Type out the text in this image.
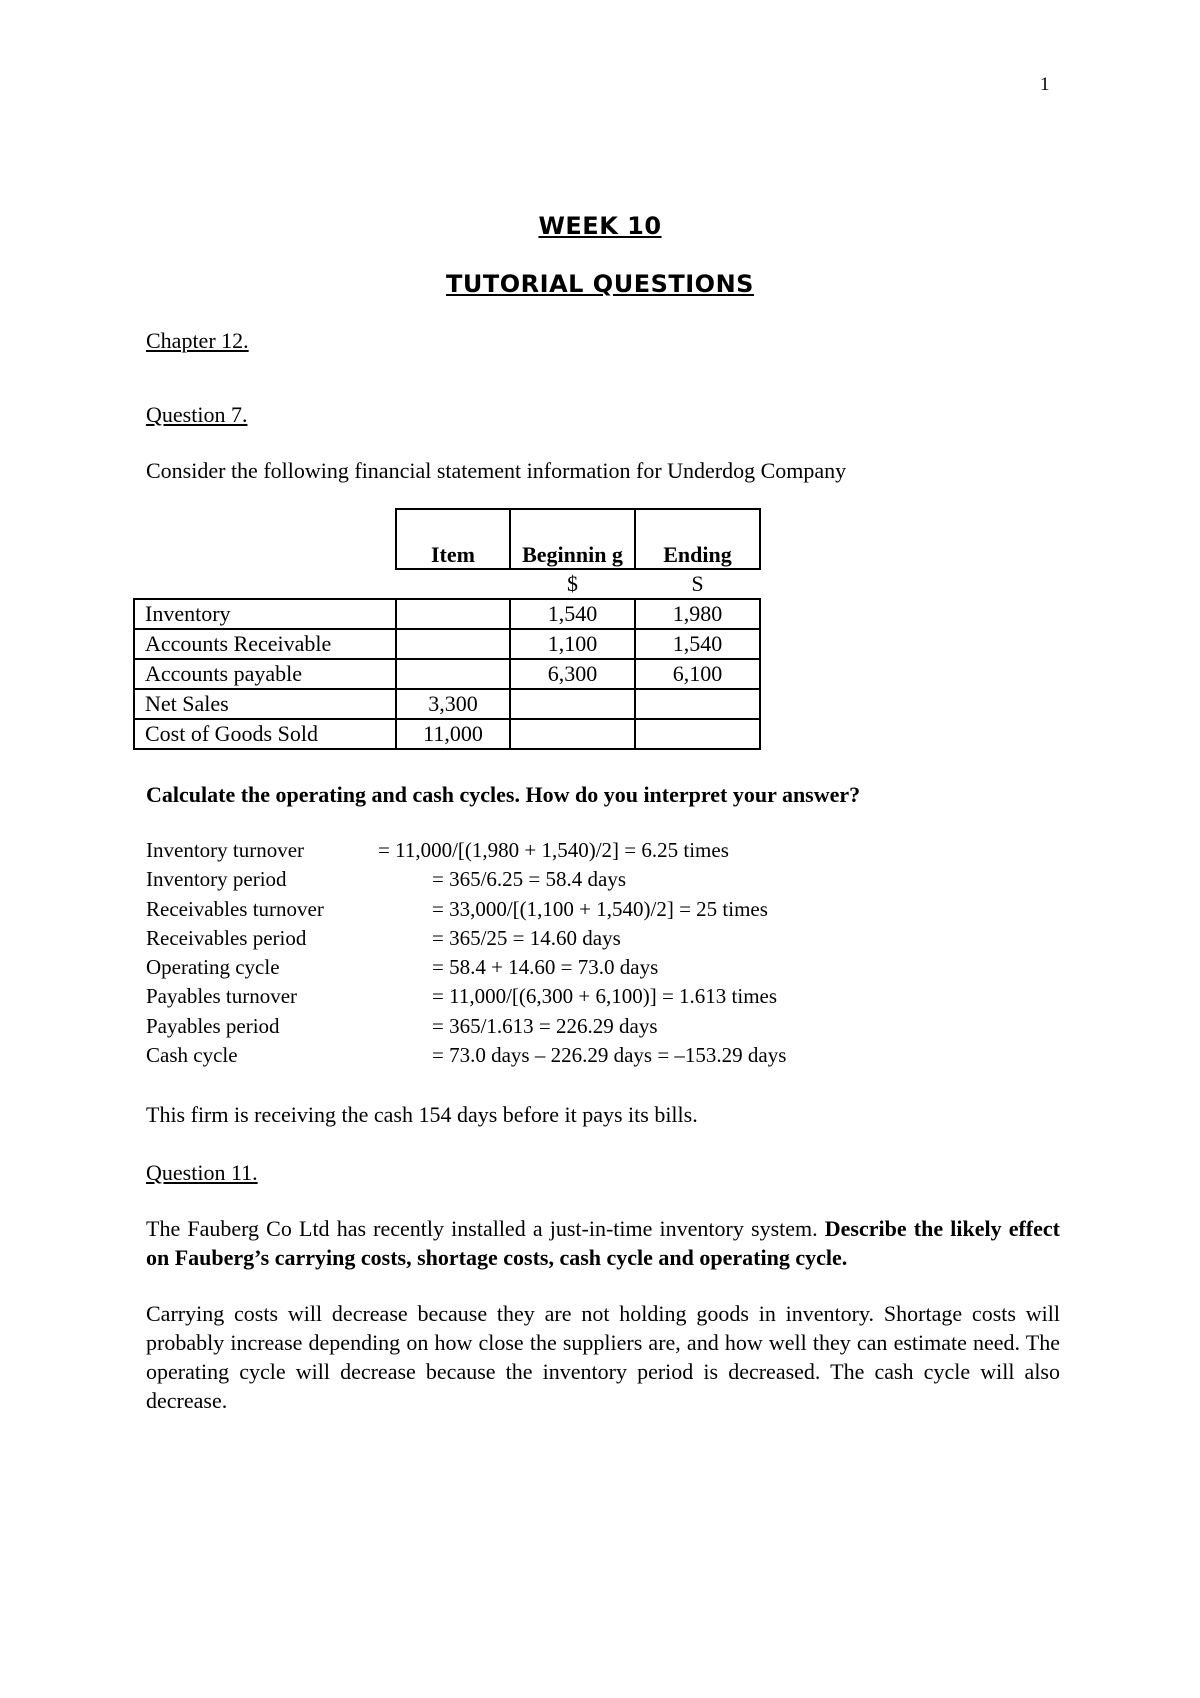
1
WEEK 10
TUTORIAL QUESTIONS
Chapter 12.
Question 7.
Consider the following financial statement information for Underdog Company
	Item	Beginnin g	Ending
		$	S
Inventory		1,540	1,980
Accounts Receivable		1,100	1,540
Accounts payable		6,300	6,100
Net Sales	3,300		
Cost of Goods Sold	11,000		
Calculate the operating and cash cycles. How do you interpret your answer?
Inventory turnover	= 11,000/[(1,980 + 1,540)/2] = 6.25 times
Inventory period	= 365/6.25 = 58.4 days
Receivables turnover	= 33,000/[(1,100 + 1,540)/2] = 25 times
Receivables period	= 365/25 = 14.60 days
Operating cycle	= 58.4 + 14.60 = 73.0 days
Payables turnover	= 11,000/[(6,300 + 6,100)] = 1.613 times
Payables period	= 365/1.613 = 226.29 days
Cash cycle	= 73.0 days – 226.29 days = –153.29 days
This firm is receiving the cash 154 days before it pays its bills.
Question 11.
The Fauberg Co Ltd has recently installed a just-in-time inventory system. Describe the likely effect on Fauberg’s carrying costs, shortage costs, cash cycle and operating cycle.
Carrying costs will decrease because they are not holding goods in inventory. Shortage costs will probably increase depending on how close the suppliers are, and how well they can estimate need. The operating cycle will decrease because the inventory period is decreased. The cash cycle will also decrease.
